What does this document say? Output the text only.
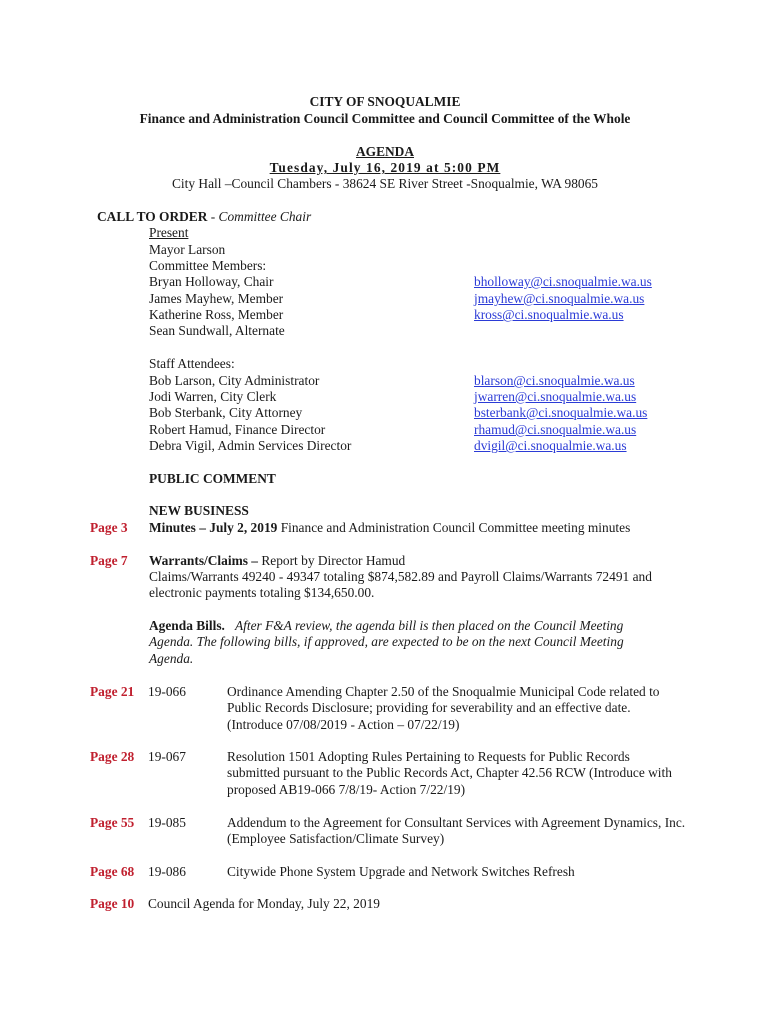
CITY OF SNOQUALMIE
Finance and Administration Council Committee and Council Committee of the Whole
AGENDA
Tuesday, July 16, 2019 at 5:00 PM
City Hall –Council Chambers - 38624 SE River Street -Snoqualmie, WA 98065
CALL TO ORDER - Committee Chair
Present
Mayor Larson
Committee Members:
Bryan Holloway, Chair	bholloway@ci.snoqualmie.wa.us
James Mayhew, Member	jmayhew@ci.snoqualmie.wa.us
Katherine Ross, Member	kross@ci.snoqualmie.wa.us
Sean Sundwall, Alternate
Staff Attendees:
Bob Larson, City Administrator	blarson@ci.snoqualmie.wa.us
Jodi Warren, City Clerk	jwarren@ci.snoqualmie.wa.us
Bob Sterbank, City Attorney	bsterbank@ci.snoqualmie.wa.us
Robert Hamud, Finance Director	rhamud@ci.snoqualmie.wa.us
Debra Vigil, Admin Services Director	dvigil@ci.snoqualmie.wa.us
PUBLIC COMMENT
NEW BUSINESS
Page 3 Minutes – July 2, 2019 Finance and Administration Council Committee meeting minutes
Page 7 Warrants/Claims – Report by Director Hamud
Claims/Warrants 49240 - 49347 totaling $874,582.89 and Payroll Claims/Warrants 72491 and electronic payments totaling $134,650.00.
Agenda Bills. After F&A review, the agenda bill is then placed on the Council Meeting Agenda. The following bills, if approved, are expected to be on the next Council Meeting Agenda.
Page 21 19-066	Ordinance Amending Chapter 2.50 of the Snoqualmie Municipal Code related to Public Records Disclosure; providing for severability and an effective date. (Introduce 07/08/2019 - Action – 07/22/19)
Page 28 19-067	Resolution 1501 Adopting Rules Pertaining to Requests for Public Records submitted pursuant to the Public Records Act, Chapter 42.56 RCW (Introduce with proposed AB19-066 7/8/19- Action 7/22/19)
Page 55 19-085	Addendum to the Agreement for Consultant Services with Agreement Dynamics, Inc. (Employee Satisfaction/Climate Survey)
Page 68 19-086	Citywide Phone System Upgrade and Network Switches Refresh
Page 10 Council Agenda for Monday, July 22, 2019
